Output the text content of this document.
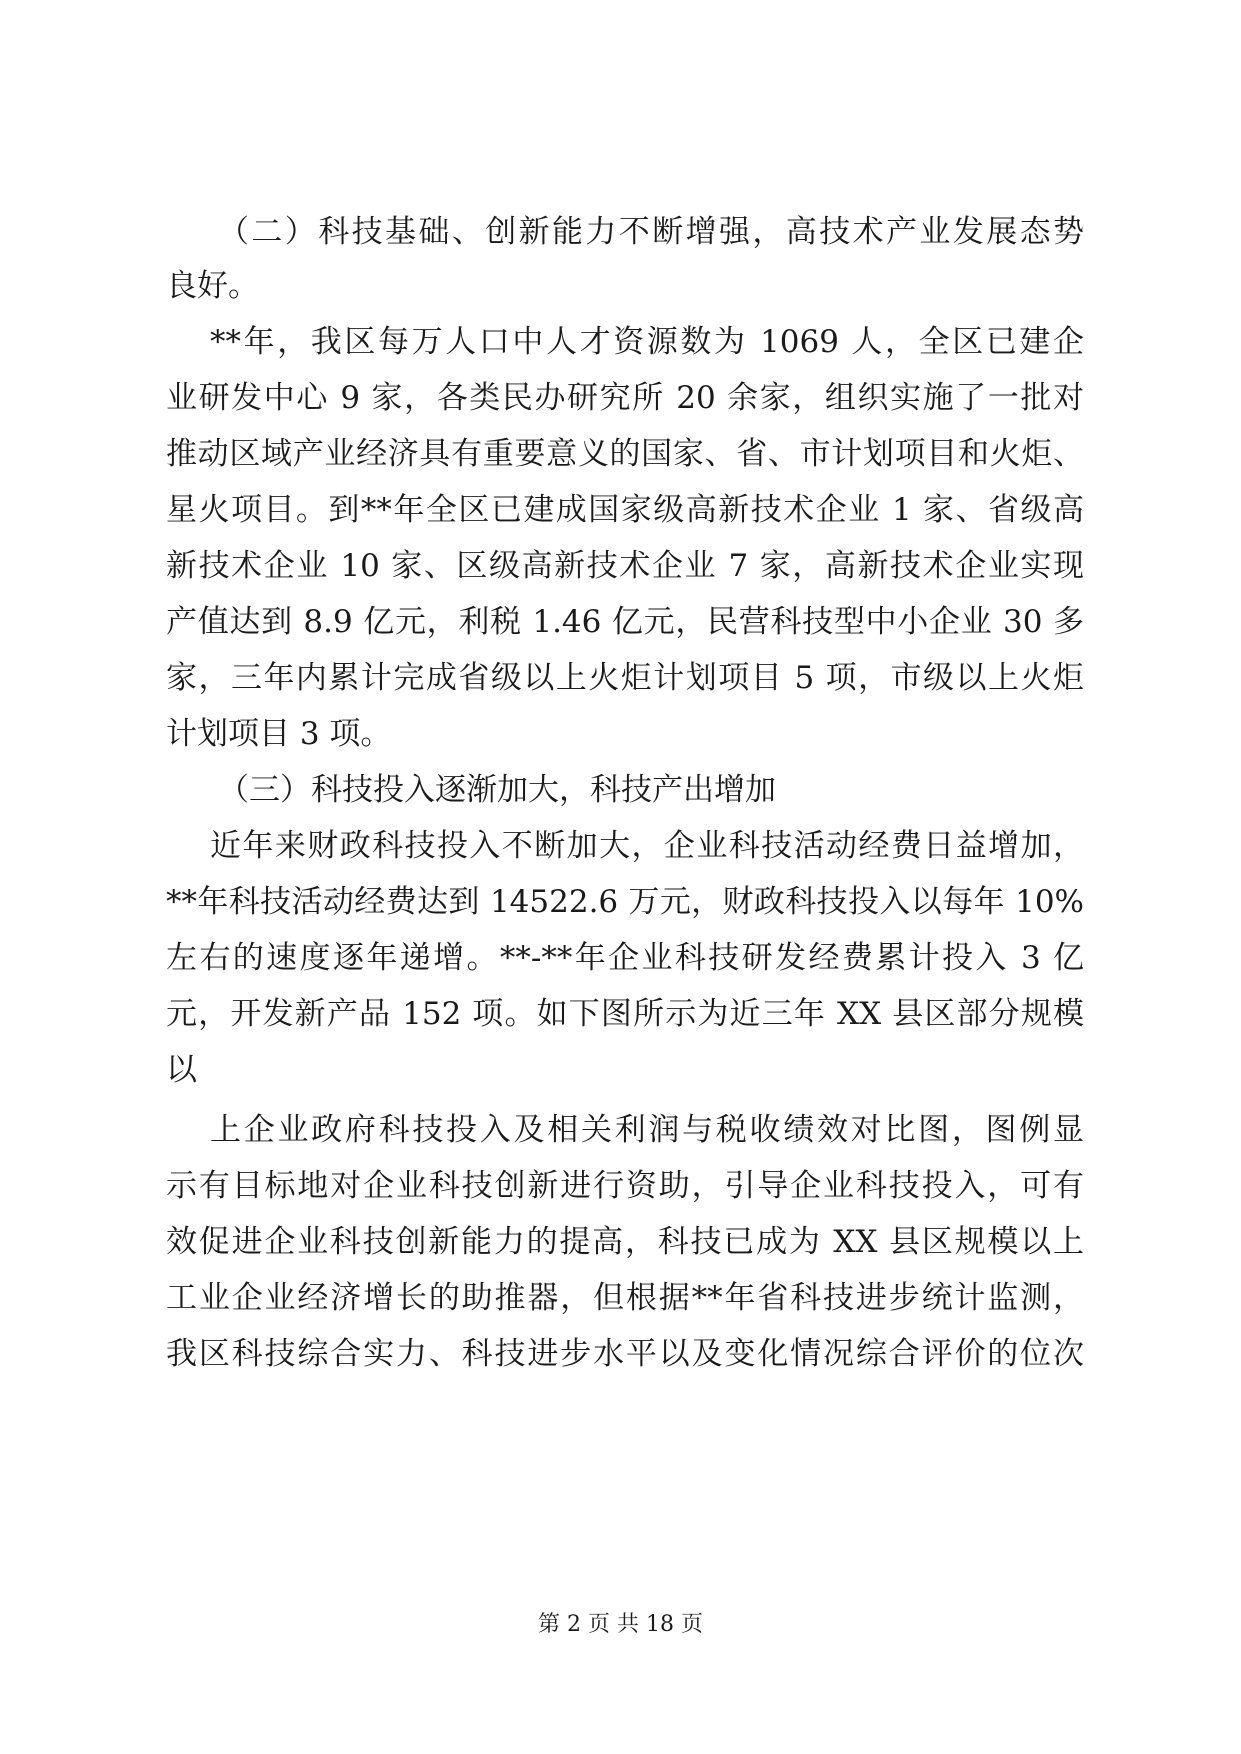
（二）科技基础、创新能力不断增强，高技术产业发展态势
良好。
**年，我区每万人口中人才资源数为 1069 人，全区已建企
业研发中心 9 家，各类民办研究所 20 余家，组织实施了一批对
推动区域产业经济具有重要意义的国家、省、市计划项目和火炬、
星火项目。到**年全区已建成国家级高新技术企业 1 家、省级高
新技术企业 10 家、区级高新技术企业 7 家，高新技术企业实现
产值达到 8.9 亿元，利税 1.46 亿元，民营科技型中小企业 30 多
家，三年内累计完成省级以上火炬计划项目 5 项，市级以上火炬
计划项目 3 项。
（三）科技投入逐渐加大，科技产出增加
近年来财政科技投入不断加大，企业科技活动经费日益增加，
**年科技活动经费达到 14522.6 万元，财政科技投入以每年 10%
左右的速度逐年递增。**-**年企业科技研发经费累计投入 3 亿
元，开发新产品 152 项。如下图所示为近三年 XX 县区部分规模
以
上企业政府科技投入及相关利润与税收绩效对比图，图例显
示有目标地对企业科技创新进行资助，引导企业科技投入，可有
效促进企业科技创新能力的提高，科技已成为 XX 县区规模以上
工业企业经济增长的助推器，但根据**年省科技进步统计监测，
我区科技综合实力、科技进步水平以及变化情况综合评价的位次
第 2 页 共 18 页
